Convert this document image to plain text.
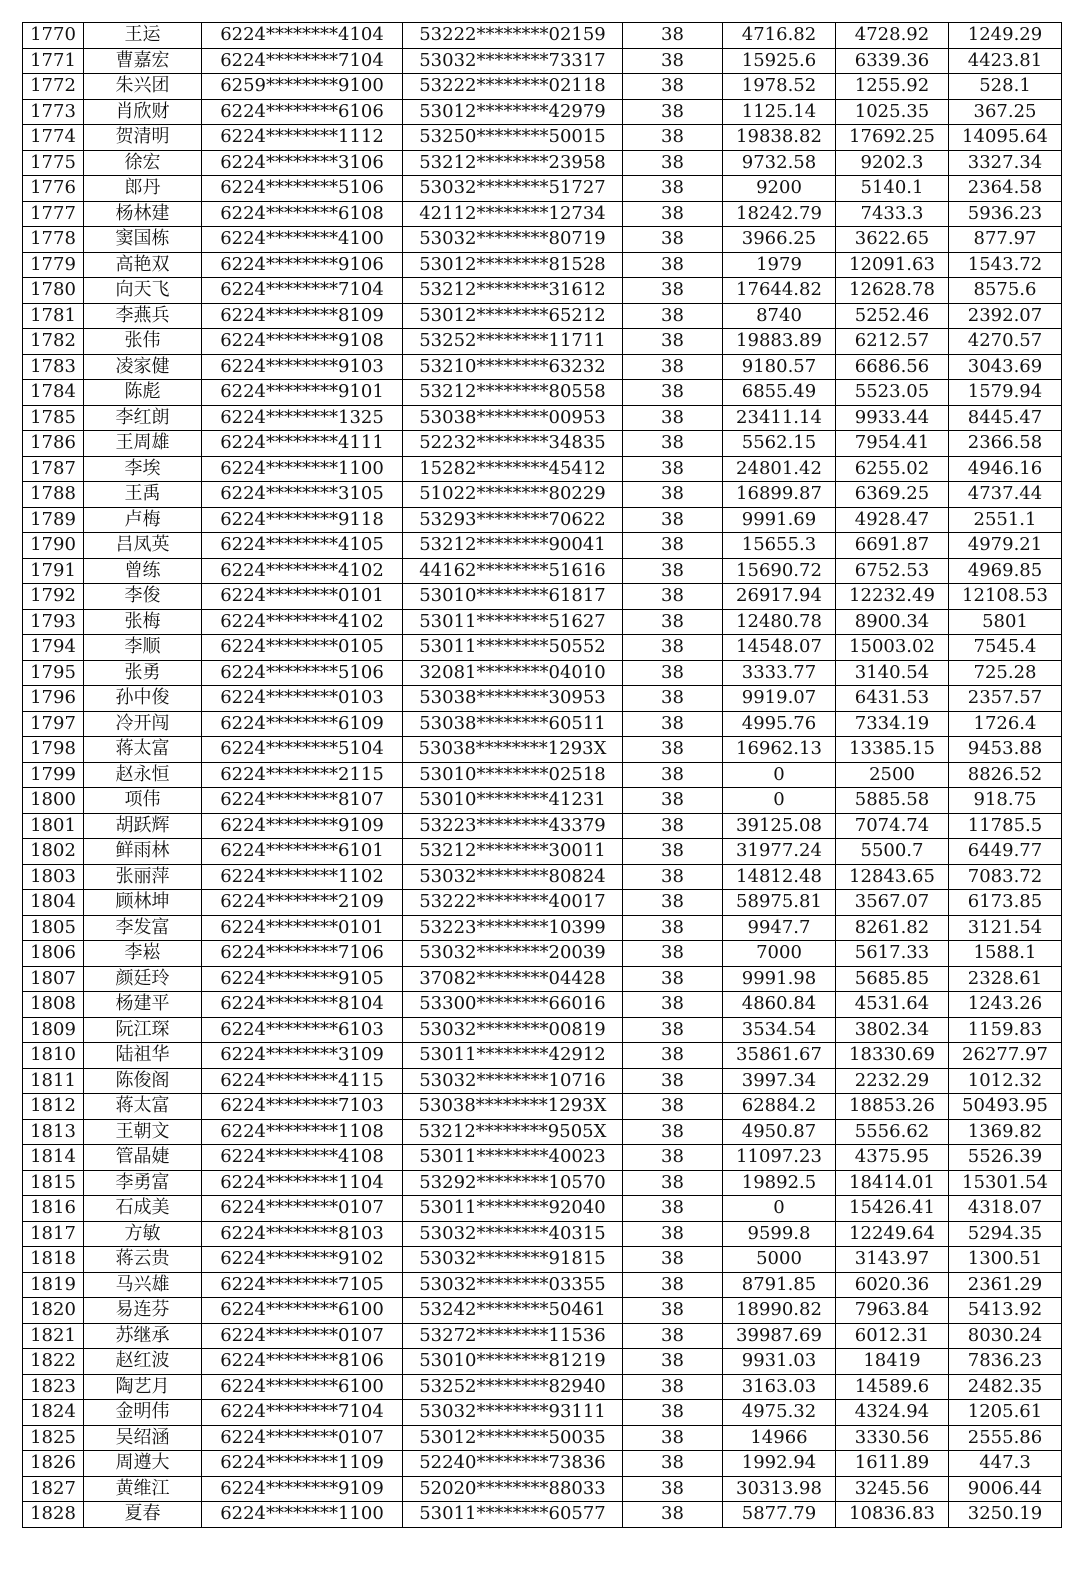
1770	王运	6224********4104	53222********02159	38	4716.82	4728.92	1249.29
1771	曹嘉宏	6224********7104	53032********73317	38	15925.6	6339.36	4423.81
1772	朱兴团	6259********9100	53222********02118	38	1978.52	1255.92	528.1
1773	肖欣财	6224********6106	53012********42979	38	1125.14	1025.35	367.25
1774	贺清明	6224********1112	53250********50015	38	19838.82	17692.25	14095.64
1775	徐宏	6224********3106	53212********23958	38	9732.58	9202.3	3327.34
1776	郎丹	6224********5106	53032********51727	38	9200	5140.1	2364.58
1777	杨林建	6224********6108	42112********12734	38	18242.79	7433.3	5936.23
1778	窦国栋	6224********4100	53032********80719	38	3966.25	3622.65	877.97
1779	高艳双	6224********9106	53012********81528	38	1979	12091.63	1543.72
1780	向天飞	6224********7104	53212********31612	38	17644.82	12628.78	8575.6
1781	李燕兵	6224********8109	53012********65212	38	8740	5252.46	2392.07
1782	张伟	6224********9108	53252********11711	38	19883.89	6212.57	4270.57
1783	凌家健	6224********9103	53210********63232	38	9180.57	6686.56	3043.69
1784	陈彪	6224********9101	53212********80558	38	6855.49	5523.05	1579.94
1785	李红朗	6224********1325	53038********00953	38	23411.14	9933.44	8445.47
1786	王周雄	6224********4111	52232********34835	38	5562.15	7954.41	2366.58
1787	李埃	6224********1100	15282********45412	38	24801.42	6255.02	4946.16
1788	王禹	6224********3105	51022********80229	38	16899.87	6369.25	4737.44
1789	卢梅	6224********9118	53293********70622	38	9991.69	4928.47	2551.1
1790	吕凤英	6224********4105	53212********90041	38	15655.3	6691.87	4979.21
1791	曾练	6224********4102	44162********51616	38	15690.72	6752.53	4969.85
1792	李俊	6224********0101	53010********61817	38	26917.94	12232.49	12108.53
1793	张梅	6224********4102	53011********51627	38	12480.78	8900.34	5801
1794	李顺	6224********0105	53011********50552	38	14548.07	15003.02	7545.4
1795	张勇	6224********5106	32081********04010	38	3333.77	3140.54	725.28
1796	孙中俊	6224********0103	53038********30953	38	9919.07	6431.53	2357.57
1797	冷开闯	6224********6109	53038********60511	38	4995.76	7334.19	1726.4
1798	蒋太富	6224********5104	53038********1293X	38	16962.13	13385.15	9453.88
1799	赵永恒	6224********2115	53010********02518	38	0	2500	8826.52
1800	项伟	6224********8107	53010********41231	38	0	5885.58	918.75
1801	胡跃辉	6224********9109	53223********43379	38	39125.08	7074.74	11785.5
1802	鲜雨林	6224********6101	53212********30011	38	31977.24	5500.7	6449.77
1803	张丽萍	6224********1102	53032********80824	38	14812.48	12843.65	7083.72
1804	顾林坤	6224********2109	53222********40017	38	58975.81	3567.07	6173.85
1805	李发富	6224********0101	53223********10399	38	9947.7	8261.82	3121.54
1806	李崧	6224********7106	53032********20039	38	7000	5617.33	1588.1
1807	颜廷玲	6224********9105	37082********04428	38	9991.98	5685.85	2328.61
1808	杨建平	6224********8104	53300********66016	38	4860.84	4531.64	1243.26
1809	阮江琛	6224********6103	53032********00819	38	3534.54	3802.34	1159.83
1810	陆祖华	6224********3109	53011********42912	38	35861.67	18330.69	26277.97
1811	陈俊阁	6224********4115	53032********10716	38	3997.34	2232.29	1012.32
1812	蒋太富	6224********7103	53038********1293X	38	62884.2	18853.26	50493.95
1813	王朝文	6224********1108	53212********9505X	38	4950.87	5556.62	1369.82
1814	管晶婕	6224********4108	53011********40023	38	11097.23	4375.95	5526.39
1815	李勇富	6224********1104	53292********10570	38	19892.5	18414.01	15301.54
1816	石成美	6224********0107	53011********92040	38	0	15426.41	4318.07
1817	方敏	6224********8103	53032********40315	38	9599.8	12249.64	5294.35
1818	蒋云贵	6224********9102	53032********91815	38	5000	3143.97	1300.51
1819	马兴雄	6224********7105	53032********03355	38	8791.85	6020.36	2361.29
1820	易连芬	6224********6100	53242********50461	38	18990.82	7963.84	5413.92
1821	苏继承	6224********0107	53272********11536	38	39987.69	6012.31	8030.24
1822	赵红波	6224********8106	53010********81219	38	9931.03	18419	7836.23
1823	陶艺月	6224********6100	53252********82940	38	3163.03	14589.6	2482.35
1824	金明伟	6224********7104	53032********93111	38	4975.32	4324.94	1205.61
1825	吴绍涵	6224********0107	53012********50035	38	14966	3330.56	2555.86
1826	周遵大	6224********1109	52240********73836	38	1992.94	1611.89	447.3
1827	黄维江	6224********9109	52020********88033	38	30313.98	3245.56	9006.44
1828	夏春	6224********1100	53011********60577	38	5877.79	10836.83	3250.19
